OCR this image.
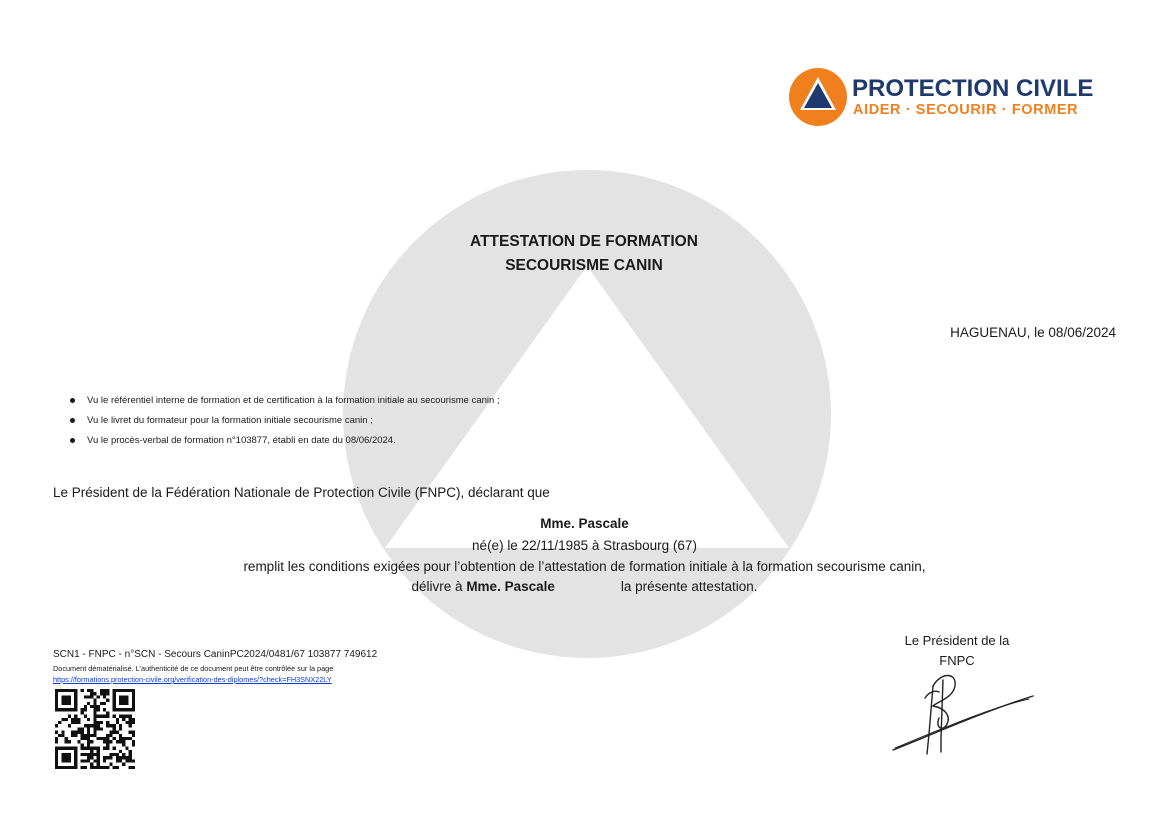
PROTECTION CIVILE
AIDER · SECOURIR · FORMER
ATTESTATION DE FORMATION
SECOURISME CANIN
HAGUENAU, le 08/06/2024
Vu le référentiel interne de formation et de certification à la formation initiale au secourisme canin ;
Vu le livret du formateur pour la formation initiale secourisme canin ;
Vu le procès-verbal de formation n°103877, établi en date du 08/06/2024.
Le Président de la Fédération Nationale de Protection Civile (FNPC), déclarant que
Mme. Pascale
né(e) le 22/11/1985 à Strasbourg (67)
remplit les conditions exigées pour l’obtention de l’attestation de formation initiale à la formation secourisme canin,
délivre à Mme. Pascale	la présente attestation.
SCN1 - FNPC - n°SCN - Secours CaninPC2024/0481/67 103877 749612
Document dématérialisé. L’authenticité de ce document peut être contrôlée sur la page
https://formations.protection-civile.org/verification-des-diplomes/?check=FH3SNX22LY
Le Président de la
FNPC
